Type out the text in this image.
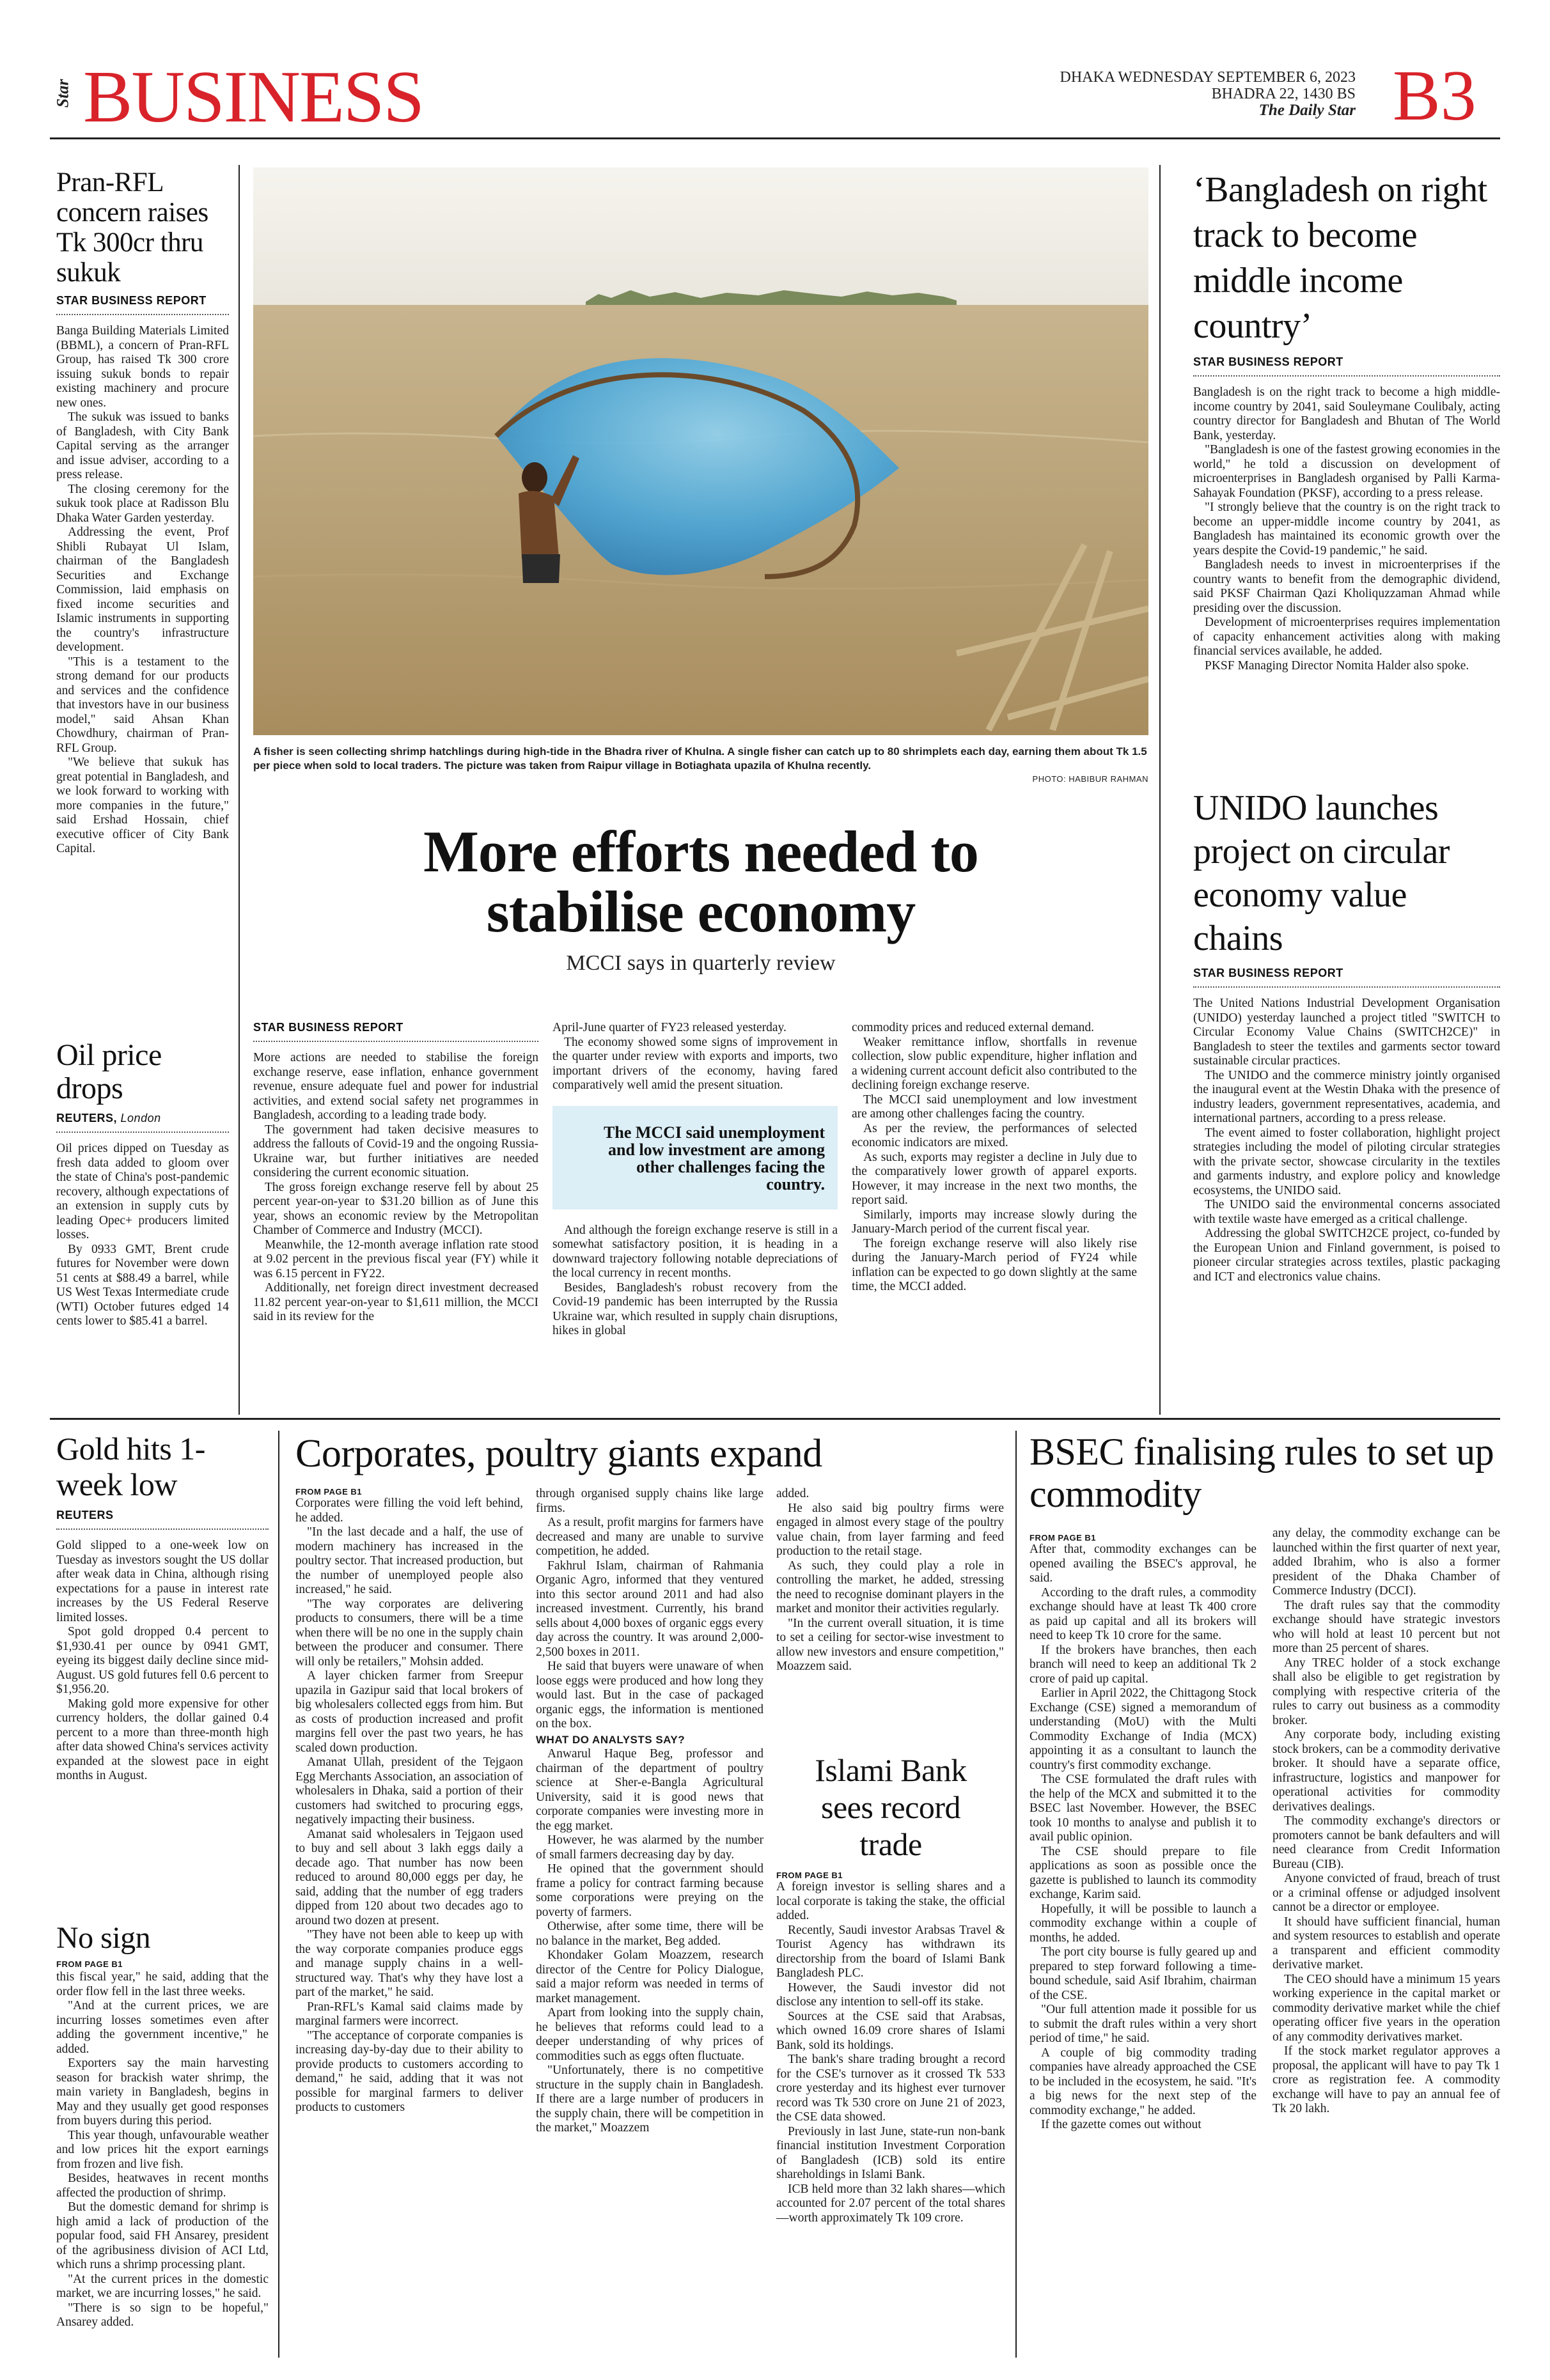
Star BUSINESS	DHAKA WEDNESDAY SEPTEMBER 6, 2023
BHADRA 22, 1430 BS
The Daily Star B3
Pran-RFL concern raises Tk 300cr thru sukuk
STAR BUSINESS REPORT

Banga Building Materials Limited (BBML), a concern of Pran-RFL Group, has raised Tk 300 crore issuing sukuk bonds to repair existing machinery and procure new ones.

The sukuk was issued to banks of Bangladesh, with City Bank Capital serving as the arranger and issue adviser, according to a press release.

The closing ceremony for the sukuk took place at Radisson Blu Dhaka Water Garden yesterday.

Addressing the event, Prof Shibli Rubayat Ul Islam, chairman of the Bangladesh Securities and Exchange Commission, laid emphasis on fixed income securities and Islamic instruments in supporting the country's infrastructure development.

"This is a testament to the strong demand for our products and services and the confidence that investors have in our business model," said Ahsan Khan Chowdhury, chairman of Pran-RFL Group.

"We believe that sukuk has great potential in Bangladesh, and we look forward to working with more companies in the future," said Ershad Hossain, chief executive officer of City Bank Capital.

Oil price drops
REUTERS, London

Oil prices dipped on Tuesday as fresh data added to gloom over the state of China's post-pandemic recovery, although expectations of an extension in supply cuts by leading Opec+ producers limited losses.

By 0933 GMT, Brent crude futures for November were down 51 cents at $88.49 a barrel, while US West Texas Intermediate crude (WTI) October futures edged 14 cents lower to $85.41 a barrel.

A fisher is seen collecting shrimp hatchlings during high-tide in the Bhadra river of Khulna. A single fisher can catch up to 80 shrimplets each day, earning them about Tk 1.5 per piece when sold to local traders. The picture was taken from Raipur village in Botiaghata upazila of Khulna recently.
PHOTO: HABIBUR RAHMAN
More efforts needed to stabilise economy
MCCI says in quarterly review
STAR BUSINESS REPORT

More actions are needed to stabilise the foreign exchange reserve, ease inflation, enhance government revenue, ensure adequate fuel and power for industrial activities, and extend social safety net programmes in Bangladesh, according to a leading trade body.

The government had taken decisive measures to address the fallouts of Covid-19 and the ongoing Russia-Ukraine war, but further initiatives are needed considering the current economic situation.

The gross foreign exchange reserve fell by about 25 percent year-on-year to $31.20 billion as of June this year, shows an economic review by the Metropolitan Chamber of Commerce and Industry (MCCI).

Meanwhile, the 12-month average inflation rate stood at 9.02 percent in the previous fiscal year (FY) while it was 6.15 percent in FY22.

Additionally, net foreign direct investment decreased 11.82 percent year-on-year to $1,611 million, the MCCI said in its review for the

April-June quarter of FY23 released yesterday.

The economy showed some signs of improvement in the quarter under review with exports and imports, two important drivers of the economy, having fared comparatively well amid the present situation.

The MCCI said unemployment and low investment are among other challenges facing the country.

And although the foreign exchange reserve is still in a somewhat satisfactory position, it is heading in a downward trajectory following notable depreciations of the local currency in recent months.

Besides, Bangladesh's robust recovery from the Covid-19 pandemic has been interrupted by the Russia Ukraine war, which resulted in supply chain disruptions, hikes in global

commodity prices and reduced external demand.

Weaker remittance inflow, shortfalls in revenue collection, slow public expenditure, higher inflation and a widening current account deficit also contributed to the declining foreign exchange reserve.

The MCCI said unemployment and low investment are among other challenges facing the country.

As per the review, the performances of selected economic indicators are mixed.

As such, exports may register a decline in July due to the comparatively lower growth of apparel exports. However, it may increase in the next two months, the report said.

Similarly, imports may increase slowly during the January-March period of the current fiscal year.

The foreign exchange reserve will also likely rise during the January-March period of FY24 while inflation can be expected to go down slightly at the same time, the MCCI added.

‘Bangladesh on right track to become middle income country’
STAR BUSINESS REPORT

Bangladesh is on the right track to become a high middle-income country by 2041, said Souleymane Coulibaly, acting country director for Bangladesh and Bhutan of The World Bank, yesterday.

"Bangladesh is one of the fastest growing economies in the world," he told a discussion on development of microenterprises in Bangladesh organised by Palli Karma-Sahayak Foundation (PKSF), according to a press release.

"I strongly believe that the country is on the right track to become an upper-middle income country by 2041, as Bangladesh has maintained its economic growth over the years despite the Covid-19 pandemic," he said.

Bangladesh needs to invest in microenterprises if the country wants to benefit from the demographic dividend, said PKSF Chairman Qazi Kholiquzzaman Ahmad while presiding over the discussion.

Development of microenterprises requires implementation of capacity enhancement activities along with making financial services available, he added.

PKSF Managing Director Nomita Halder also spoke.

UNIDO launches project on circular economy value chains
STAR BUSINESS REPORT

The United Nations Industrial Development Organisation (UNIDO) yesterday launched a project titled "SWITCH to Circular Economy Value Chains (SWITCH2CE)" in Bangladesh to steer the textiles and garments sector toward sustainable circular practices.

The UNIDO and the commerce ministry jointly organised the inaugural event at the Westin Dhaka with the presence of industry leaders, government representatives, academia, and international partners, according to a press release.

The event aimed to foster collaboration, highlight project strategies including the model of piloting circular strategies with the private sector, showcase circularity in the textiles and garments industry, and explore policy and knowledge ecosystems, the UNIDO said.

The UNIDO said the environmental concerns associated with textile waste have emerged as a critical challenge.

Addressing the global SWITCH2CE project, co-funded by the European Union and Finland government, is poised to pioneer circular strategies across textiles, plastic packaging and ICT and electronics value chains.

Gold hits 1-week low
REUTERS

Gold slipped to a one-week low on Tuesday as investors sought the US dollar after weak data in China, although rising expectations for a pause in interest rate increases by the US Federal Reserve limited losses.

Spot gold dropped 0.4 percent to $1,930.41 per ounce by 0941 GMT, eyeing its biggest daily decline since mid-August. US gold futures fell 0.6 percent to $1,956.20.

Making gold more expensive for other currency holders, the dollar gained 0.4 percent to a more than three-month high after data showed China's services activity expanded at the slowest pace in eight months in August.

No sign
FROM PAGE B1

this fiscal year," he said, adding that the order flow fell in the last three weeks.

"And at the current prices, we are incurring losses sometimes even after adding the government incentive," he added.

Exporters say the main harvesting season for brackish water shrimp, the main variety in Bangladesh, begins in May and they usually get good responses from buyers during this period.

This year though, unfavourable weather and low prices hit the export earnings from frozen and live fish.

Besides, heatwaves in recent months affected the production of shrimp.

But the domestic demand for shrimp is high amid a lack of production of the popular food, said FH Ansarey, president of the agribusiness division of ACI Ltd, which runs a shrimp processing plant.

"At the current prices in the domestic market, we are incurring losses," he said.

"There is so sign to be hopeful," Ansarey added.

Corporates, poultry giants expand
FROM PAGE B1

Corporates were filling the void left behind, he added.

"In the last decade and a half, the use of modern machinery has increased in the poultry sector. That increased production, but the number of unemployed people also increased," he said.

"The way corporates are delivering products to consumers, there will be a time when there will be no one in the supply chain between the producer and consumer. There will only be retailers," Mohsin added.

A layer chicken farmer from Sreepur upazila in Gazipur said that local brokers of big wholesalers collected eggs from him. But as costs of production increased and profit margins fell over the past two years, he has scaled down production.

Amanat Ullah, president of the Tejgaon Egg Merchants Association, an association of wholesalers in Dhaka, said a portion of their customers had switched to procuring eggs, negatively impacting their business.

Amanat said wholesalers in Tejgaon used to buy and sell about 3 lakh eggs daily a decade ago. That number has now been reduced to around 80,000 eggs per day, he said, adding that the number of egg traders dipped from 120 about two decades ago to around two dozen at present.

"They have not been able to keep up with the way corporate companies produce eggs and manage supply chains in a well-structured way. That's why they have lost a part of the market," he said.

Pran-RFL's Kamal said claims made by marginal farmers were incorrect.

"The acceptance of corporate companies is increasing day-by-day due to their ability to provide products to customers according to demand," he said, adding that it was not possible for marginal farmers to deliver products to customers

through organised supply chains like large firms.

As a result, profit margins for farmers have decreased and many are unable to survive competition, he added.

Fakhrul Islam, chairman of Rahmania Organic Agro, informed that they ventured into this sector around 2011 and had also increased investment. Currently, his brand sells about 4,000 boxes of organic eggs every day across the country. It was around 2,000-2,500 boxes in 2011.

He said that buyers were unaware of when loose eggs were produced and how long they would last. But in the case of packaged organic eggs, the information is mentioned on the box.

WHAT DO ANALYSTS SAY?

Anwarul Haque Beg, professor and chairman of the department of poultry science at Sher-e-Bangla Agricultural University, said it is good news that corporate companies were investing more in the egg market.

However, he was alarmed by the number of small farmers decreasing day by day.

He opined that the government should frame a policy for contract farming because some corporations were preying on the poverty of farmers.

Otherwise, after some time, there will be no balance in the market, Beg added.

Khondaker Golam Moazzem, research director of the Centre for Policy Dialogue, said a major reform was needed in terms of market management.

Apart from looking into the supply chain, he believes that reforms could lead to a deeper understanding of why prices of commodities such as eggs often fluctuate.

"Unfortunately, there is no competitive structure in the supply chain in Bangladesh. If there are a large number of producers in the supply chain, there will be competition in the market," Moazzem

added.

He also said big poultry firms were engaged in almost every stage of the poultry value chain, from layer farming and feed production to the retail stage.

As such, they could play a role in controlling the market, he added, stressing the need to recognise dominant players in the market and monitor their activities regularly.

"In the current overall situation, it is time to set a ceiling for sector-wise investment to allow new investors and ensure competition," Moazzem said.

Islami Bank sees record trade
FROM PAGE B1

A foreign investor is selling shares and a local corporate is taking the stake, the official added.

Recently, Saudi investor Arabsas Travel & Tourist Agency has withdrawn its directorship from the board of Islami Bank Bangladesh PLC.

However, the Saudi investor did not disclose any intention to sell-off its stake.

Sources at the CSE said that Arabsas, which owned 16.09 crore shares of Islami Bank, sold its holdings.

The bank's share trading brought a record for the CSE's turnover as it crossed Tk 533 crore yesterday and its highest ever turnover record was Tk 530 crore on June 21 of 2023, the CSE data showed.

Previously in last June, state-run non-bank financial institution Investment Corporation of Bangladesh (ICB) sold its entire shareholdings in Islami Bank.

ICB held more than 32 lakh shares—which accounted for 2.07 percent of the total shares—worth approximately Tk 109 crore.

BSEC finalising rules to set up commodity
FROM PAGE B1

After that, commodity exchanges can be opened availing the BSEC's approval, he said.

According to the draft rules, a commodity exchange should have at least Tk 400 crore as paid up capital and all its brokers will need to keep Tk 10 crore for the same.

If the brokers have branches, then each branch will need to keep an additional Tk 2 crore of paid up capital.

Earlier in April 2022, the Chittagong Stock Exchange (CSE) signed a memorandum of understanding (MoU) with the Multi Commodity Exchange of India (MCX) appointing it as a consultant to launch the country's first commodity exchange.

The CSE formulated the draft rules with the help of the MCX and submitted it to the BSEC last November. However, the BSEC took 10 months to analyse and publish it to avail public opinion.

The CSE should prepare to file applications as soon as possible once the gazette is published to launch its commodity exchange, Karim said.

Hopefully, it will be possible to launch a commodity exchange within a couple of months, he added.

The port city bourse is fully geared up and prepared to step forward following a time-bound schedule, said Asif Ibrahim, chairman of the CSE.

"Our full attention made it possible for us to submit the draft rules within a very short period of time," he said.

A couple of big commodity trading companies have already approached the CSE to be included in the ecosystem, he said. "It's a big news for the next step of the commodity exchange," he added.

If the gazette comes out without

any delay, the commodity exchange can be launched within the first quarter of next year, added Ibrahim, who is also a former president of the Dhaka Chamber of Commerce Industry (DCCI).

The draft rules say that the commodity exchange should have strategic investors who will hold at least 10 percent but not more than 25 percent of shares.

Any TREC holder of a stock exchange shall also be eligible to get registration by complying with respective criteria of the rules to carry out business as a commodity broker.

Any corporate body, including existing stock brokers, can be a commodity derivative broker. It should have a separate office, infrastructure, logistics and manpower for operational activities for commodity derivatives dealings.

The commodity exchange's directors or promoters cannot be bank defaulters and will need clearance from Credit Information Bureau (CIB).

Anyone convicted of fraud, breach of trust or a criminal offense or adjudged insolvent cannot be a director or employee.

It should have sufficient financial, human and system resources to establish and operate a transparent and efficient commodity derivative market.

The CEO should have a minimum 15 years working experience in the capital market or commodity derivative market while the chief operating officer five years in the operation of any commodity derivatives market.

If the stock market regulator approves a proposal, the applicant will have to pay Tk 1 crore as registration fee. A commodity exchange will have to pay an annual fee of Tk 20 lakh.
